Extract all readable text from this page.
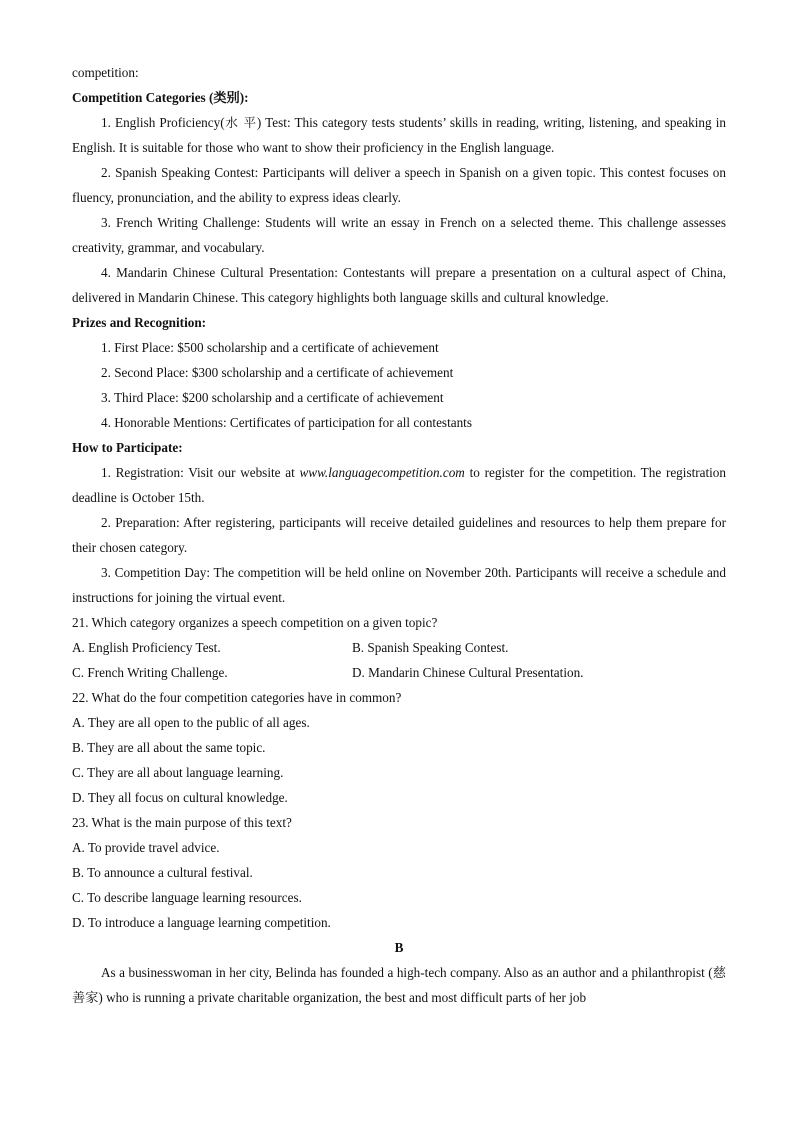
competition:

Competition Categories (类别):

1. English Proficiency(水 平) Test: This category tests students’ skills in reading, writing, listening, and speaking in English. It is suitable for those who want to show their proficiency in the English language.

2. Spanish Speaking Contest: Participants will deliver a speech in Spanish on a given topic. This contest focuses on fluency, pronunciation, and the ability to express ideas clearly.

3. French Writing Challenge: Students will write an essay in French on a selected theme. This challenge assesses creativity, grammar, and vocabulary.

4. Mandarin Chinese Cultural Presentation: Contestants will prepare a presentation on a cultural aspect of China, delivered in Mandarin Chinese. This category highlights both language skills and cultural knowledge.

Prizes and Recognition:

1. First Place: $500 scholarship and a certificate of achievement

2. Second Place: $300 scholarship and a certificate of achievement

3. Third Place: $200 scholarship and a certificate of achievement

4. Honorable Mentions: Certificates of participation for all contestants

How to Participate:

1. Registration: Visit our website at www.languagecompetition.com to register for the competition. The registration deadline is October 15th.

2. Preparation: After registering, participants will receive detailed guidelines and resources to help them prepare for their chosen category.

3. Competition Day: The competition will be held online on November 20th. Participants will receive a schedule and instructions for joining the virtual event.

21. Which category organizes a speech competition on a given topic?

A. English Proficiency Test.	B. Spanish Speaking Contest.
C. French Writing Challenge.	D. Mandarin Chinese Cultural Presentation.

22. What do the four competition categories have in common?

A. They are all open to the public of all ages.

B. They are all about the same topic.

C. They are all about language learning.

D. They all focus on cultural knowledge.

23. What is the main purpose of this text?

A. To provide travel advice.

B. To announce a cultural festival.

C. To describe language learning resources.

D. To introduce a language learning competition.

B

As a businesswoman in her city, Belinda has founded a high-tech company. Also as an author and a philanthropist (慈善家) who is running a private charitable organization, the best and most difficult parts of her job
